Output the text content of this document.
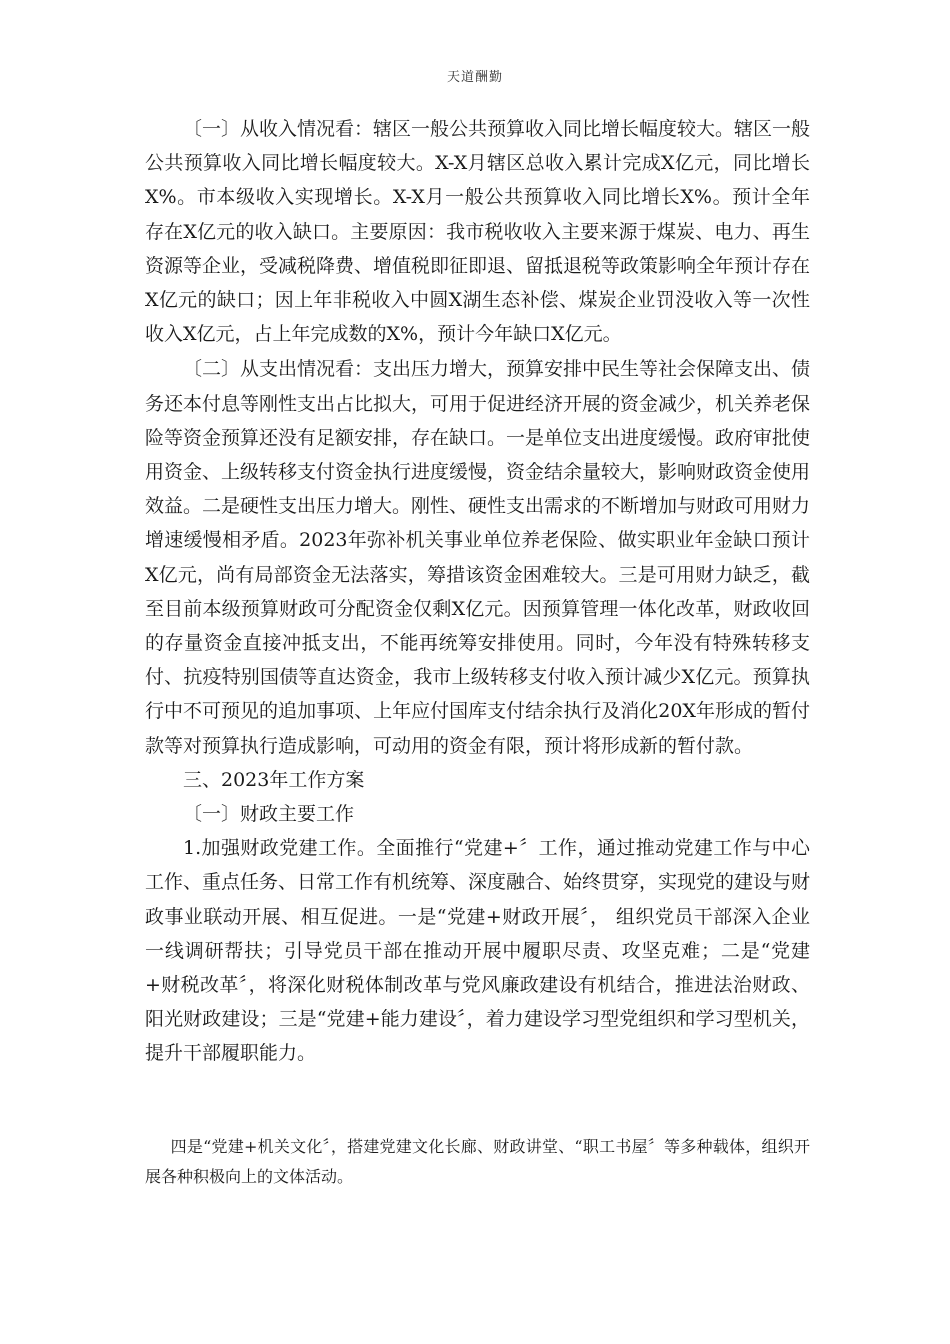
天道酬勤

〔一〕从收入情况看：辖区一般公共预算收入同比增长幅度较大。辖区一般公共预算收入同比增长幅度较大。X-X月辖区总收入累计完成X亿元，同比增长X%。市本级收入实现增长。X-X月一般公共预算收入同比增长X%。预计全年存在X亿元的收入缺口。主要原因：我市税收收入主要来源于煤炭、电力、再生资源等企业，受减税降费、增值税即征即退、留抵退税等政策影响全年预计存在X亿元的缺口；因上年非税收入中圆X湖生态补偿、煤炭企业罚没收入等一次性收入X亿元，占上年完成数的X%，预计今年缺口X亿元。

〔二〕从支出情况看：支出压力增大，预算安排中民生等社会保障支出、债务还本付息等刚性支出占比拟大，可用于促进经济开展的资金减少，机关养老保险等资金预算还没有足额安排，存在缺口。一是单位支出进度缓慢。政府审批使用资金、上级转移支付资金执行进度缓慢，资金结余量较大，影响财政资金使用效益。二是硬性支出压力增大。刚性、硬性支出需求的不断增加与财政可用财力增速缓慢相矛盾。2023年弥补机关事业单位养老保险、做实职业年金缺口预计X亿元，尚有局部资金无法落实，筹措该资金困难较大。三是可用财力缺乏，截至目前本级预算财政可分配资金仅剩X亿元。因预算管理一体化改革，财政收回的存量资金直接冲抵支出，不能再统筹安排使用。同时，今年没有特殊转移支付、抗疫特别国债等直达资金，我市上级转移支付收入预计减少X亿元。预算执行中不可预见的追加事项、上年应付国库支付结余执行及消化20X年形成的暂付款等对预算执行造成影响，可动用的资金有限，预计将形成新的暂付款。

三、2023年工作方案

〔一〕财政主要工作

1.加强财政党建工作。全面推行“党建+〞工作，通过推动党建工作与中心工作、重点任务、日常工作有机统筹、深度融合、始终贯穿，实现党的建设与财政事业联动开展、相互促进。一是“党建+财政开展〞， 组织党员干部深入企业一线调研帮扶；引导党员干部在推动开展中履职尽责、攻坚克难；二是“党建+财税改革〞，将深化财税体制改革与党风廉政建设有机结合，推进法治财政、阳光财政建设；三是“党建+能力建设〞，着力建设学习型党组织和学习型机关，提升干部履职能力。

四是“党建+机关文化〞，搭建党建文化长廊、财政讲堂、“职工书屋〞等多种载体，组织开展各种积极向上的文体活动。
